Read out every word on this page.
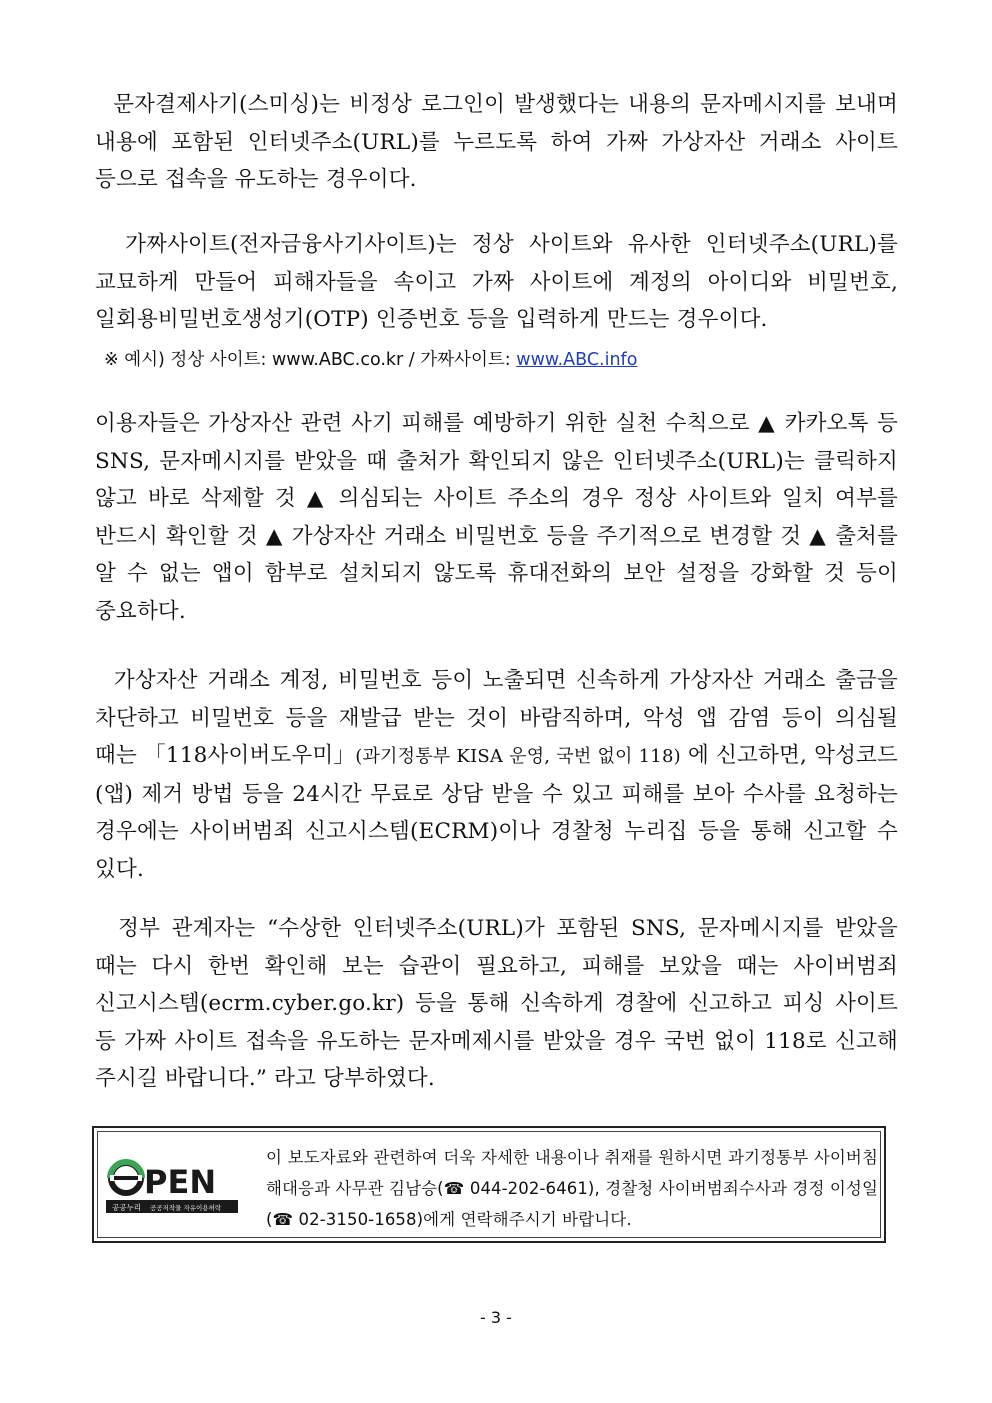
문자결제사기(스미싱)는 비정상 로그인이 발생했다는 내용의 문자메시지를 보내며 내용에 포함된 인터넷주소(URL)를 누르도록 하여 가짜 가상자산 거래소 사이트 등으로 접속을 유도하는 경우이다.

가짜사이트(전자금융사기사이트)는 정상 사이트와 유사한 인터넷주소(URL)를 교묘하게 만들어 피해자들을 속이고 가짜 사이트에 계정의 아이디와 비밀번호, 일회용비밀번호생성기(OTP) 인증번호 등을 입력하게 만드는 경우이다.

※ 예시) 정상 사이트: www.ABC.co.kr / 가짜사이트: www.ABC.info

이용자들은 가상자산 관련 사기 피해를 예방하기 위한 실천 수칙으로 ▲ 카카오톡 등 SNS, 문자메시지를 받았을 때 출처가 확인되지 않은 인터넷주소(URL)는 클릭하지 않고 바로 삭제할 것 ▲ 의심되는 사이트 주소의 경우 정상 사이트와 일치 여부를 반드시 확인할 것 ▲ 가상자산 거래소 비밀번호 등을 주기적으로 변경할 것 ▲ 출처를 알 수 없는 앱이 함부로 설치되지 않도록 휴대전화의 보안 설정을 강화할 것 등이 중요하다.

가상자산 거래소 계정, 비밀번호 등이 노출되면 신속하게 가상자산 거래소 출금을 차단하고 비밀번호 등을 재발급 받는 것이 바람직하며, 악성 앱 감염 등이 의심될 때는 「118사이버도우미」(과기정통부 KISA 운영, 국번 없이 118) 에 신고하면, 악성코드(앱) 제거 방법 등을 24시간 무료로 상담 받을 수 있고 피해를 보아 수사를 요청하는 경우에는 사이버범죄 신고시스템(ECRM)이나 경찰청 누리집 등을 통해 신고할 수 있다.

정부 관계자는 “수상한 인터넷주소(URL)가 포함된 SNS, 문자메시지를 받았을 때는 다시 한번 확인해 보는 습관이 필요하고, 피해를 보았을 때는 사이버범죄 신고시스템(ecrm.cyber.go.kr) 등을 통해 신속하게 경찰에 신고하고 피싱 사이트 등 가짜 사이트 접속을 유도하는 문자메제시를 받았을 경우 국번 없이 118로 신고해 주시길 바랍니다.” 라고 당부하였다.

PEN
공공누리 공공저작물 자유이용허락

이 보도자료와 관련하여 더욱 자세한 내용이나 취재를 원하시면 과기정통부 사이버침해대응과 사무관 김남승(☎ 044-202-6461), 경찰청 사이버범죄수사과 경정 이성일 (☎ 02-3150-1658)에게 연락해주시기 바랍니다.

- 3 -
